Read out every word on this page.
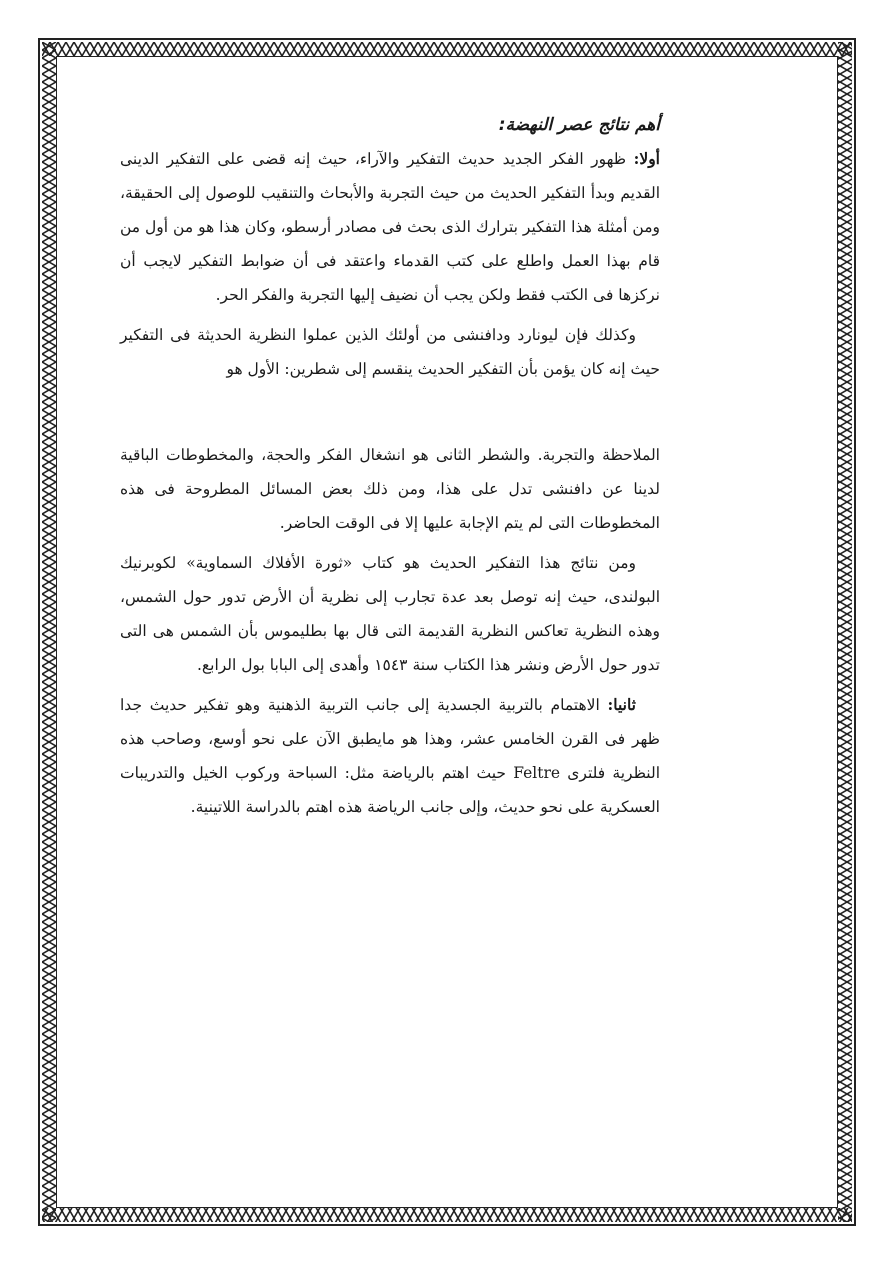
أهم نتائج عصر النهضة:

أولا: ظهور الفكر الجديد حديث التفكير والآراء، حيث إنه قضى على التفكير الدينى القديم وبدأ التفكير الحديث من حيث التجربة والأبحاث والتنقيب للوصول إلى الحقيقة، ومن أمثلة هذا التفكير بترارك الذى بحث فى مصادر أرسطو، وكان هذا هو من أول من قام بهذا العمل واطلع على كتب القدماء واعتقد فى أن ضوابط التفكير لايجب أن نركزها فى الكتب فقط ولكن يجب أن نضيف إليها التجربة والفكر الحر.

وكذلك فإن ليونارد ودافنشى من أولئك الذين عملوا النظرية الحديثة فى التفكير حيث إنه كان يؤمن بأن التفكير الحديث ينقسم إلى شطرين: الأول هو

الملاحظة والتجربة. والشطر الثانى هو انشغال الفكر والحجة، والمخطوطات الباقية لدينا عن دافنشى تدل على هذا، ومن ذلك بعض المسائل المطروحة فى هذه المخطوطات التى لم يتم الإجابة عليها إلا فى الوقت الحاضر.

ومن نتائج هذا التفكير الحديث هو كتاب «ثورة الأفلاك السماوية» لكوبرنيك البولندى، حيث إنه توصل بعد عدة تجارب إلى نظرية أن الأرض تدور حول الشمس، وهذه النظرية تعاكس النظرية القديمة التى قال بها بطليموس بأن الشمس هى التى تدور حول الأرض ونشر هذا الكتاب سنة ١٥٤٣ وأهدى إلى البابا بول الرابع.

ثانيا: الاهتمام بالتربية الجسدية إلى جانب التربية الذهنية وهو تفكير حديث جدا ظهر فى القرن الخامس عشر، وهذا هو مايطبق الآن على نحو أوسع، وصاحب هذه النظرية فلترى Feltre حيث اهتم بالرياضة مثل: السباحة وركوب الخيل والتدريبات العسكرية على نحو حديث، وإلى جانب الرياضة هذه اهتم بالدراسة اللاتينية.
